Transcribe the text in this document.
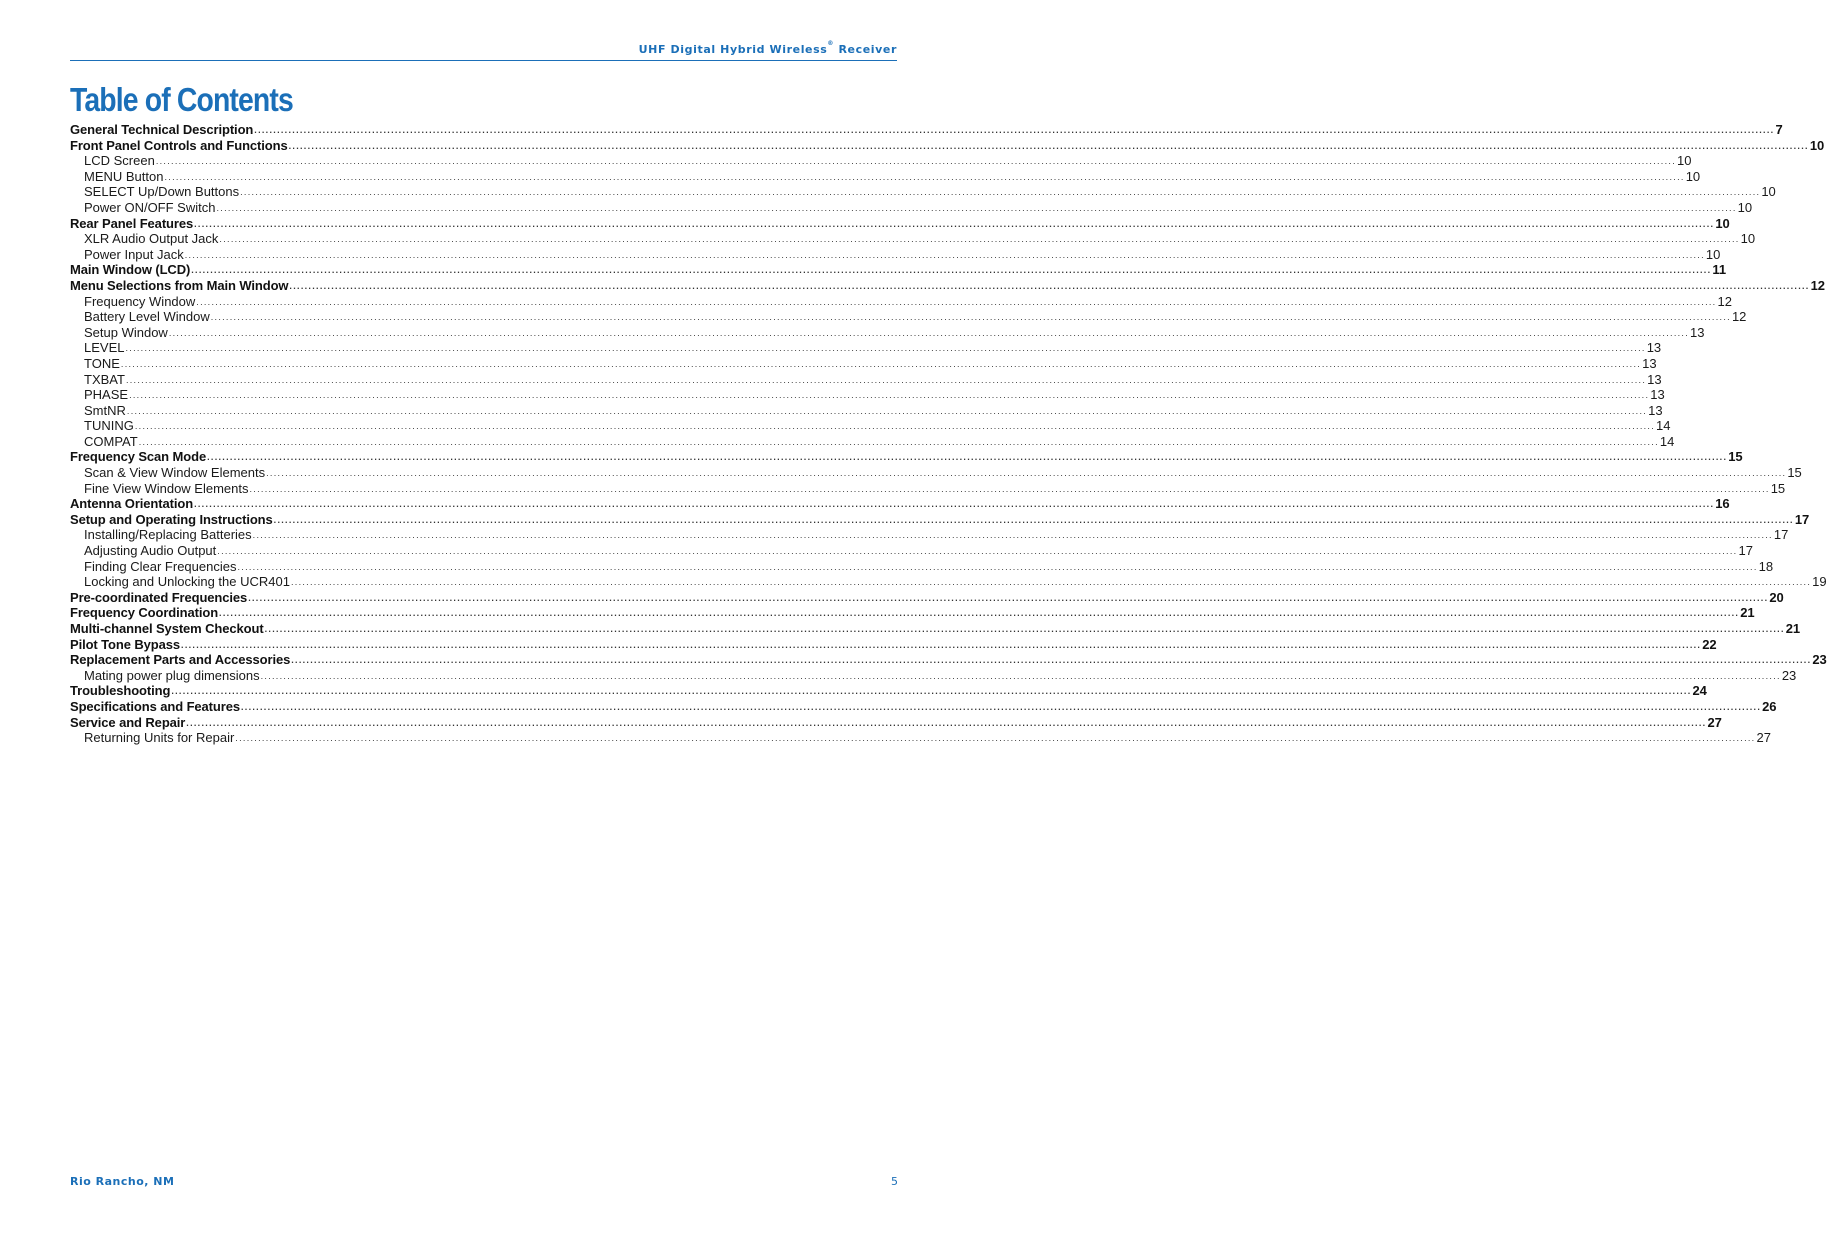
UHF Digital Hybrid Wireless® Receiver
Table of Contents
General Technical Description ................................................................................................................................................................................................................................................................................................................................................................................................................ 7
Front Panel Controls and Functions ................................................................................................................................................................................................................................................................................................................................................................................................................ 10
LCD Screen ................................................................................................................................................................................................................................................................................................................................................................................................................ 10
MENU Button ................................................................................................................................................................................................................................................................................................................................................................................................................ 10
SELECT Up/Down Buttons ................................................................................................................................................................................................................................................................................................................................................................................................................ 10
Power ON/OFF Switch ................................................................................................................................................................................................................................................................................................................................................................................................................ 10
Rear Panel Features ................................................................................................................................................................................................................................................................................................................................................................................................................ 10
XLR Audio Output Jack ................................................................................................................................................................................................................................................................................................................................................................................................................ 10
Power Input Jack ................................................................................................................................................................................................................................................................................................................................................................................................................ 10
Main Window (LCD) ................................................................................................................................................................................................................................................................................................................................................................................................................ 11
Menu Selections from Main Window ................................................................................................................................................................................................................................................................................................................................................................................................................ 12
Frequency Window ................................................................................................................................................................................................................................................................................................................................................................................................................ 12
Battery Level Window ................................................................................................................................................................................................................................................................................................................................................................................................................ 12
Setup Window ................................................................................................................................................................................................................................................................................................................................................................................................................ 13
LEVEL ................................................................................................................................................................................................................................................................................................................................................................................................................ 13
TONE ................................................................................................................................................................................................................................................................................................................................................................................................................ 13
TXBAT ................................................................................................................................................................................................................................................................................................................................................................................................................ 13
PHASE ................................................................................................................................................................................................................................................................................................................................................................................................................ 13
SmtNR ................................................................................................................................................................................................................................................................................................................................................................................................................ 13
TUNING ................................................................................................................................................................................................................................................................................................................................................................................................................ 14
COMPAT ................................................................................................................................................................................................................................................................................................................................................................................................................ 14
Frequency Scan Mode ................................................................................................................................................................................................................................................................................................................................................................................................................ 15
Scan & View Window Elements ................................................................................................................................................................................................................................................................................................................................................................................................................ 15
Fine View Window Elements ................................................................................................................................................................................................................................................................................................................................................................................................................ 15
Antenna Orientation ................................................................................................................................................................................................................................................................................................................................................................................................................ 16
Setup and Operating Instructions ................................................................................................................................................................................................................................................................................................................................................................................................................ 17
Installing/Replacing Batteries ................................................................................................................................................................................................................................................................................................................................................................................................................ 17
Adjusting Audio Output ................................................................................................................................................................................................................................................................................................................................................................................................................ 17
Finding Clear Frequencies ................................................................................................................................................................................................................................................................................................................................................................................................................ 18
Locking and Unlocking the UCR401 ................................................................................................................................................................................................................................................................................................................................................................................................................ 19
Pre-coordinated Frequencies ................................................................................................................................................................................................................................................................................................................................................................................................................ 20
Frequency Coordination ................................................................................................................................................................................................................................................................................................................................................................................................................ 21
Multi-channel System Checkout ................................................................................................................................................................................................................................................................................................................................................................................................................ 21
Pilot Tone Bypass ................................................................................................................................................................................................................................................................................................................................................................................................................ 22
Replacement Parts and Accessories ................................................................................................................................................................................................................................................................................................................................................................................................................ 23
Mating power plug dimensions ................................................................................................................................................................................................................................................................................................................................................................................................................ 23
Troubleshooting ................................................................................................................................................................................................................................................................................................................................................................................................................ 24
Specifications and Features ................................................................................................................................................................................................................................................................................................................................................................................................................ 26
Service and Repair ................................................................................................................................................................................................................................................................................................................................................................................................................ 27
Returning Units for Repair ................................................................................................................................................................................................................................................................................................................................................................................................................ 27
Rio Rancho, NM	5
